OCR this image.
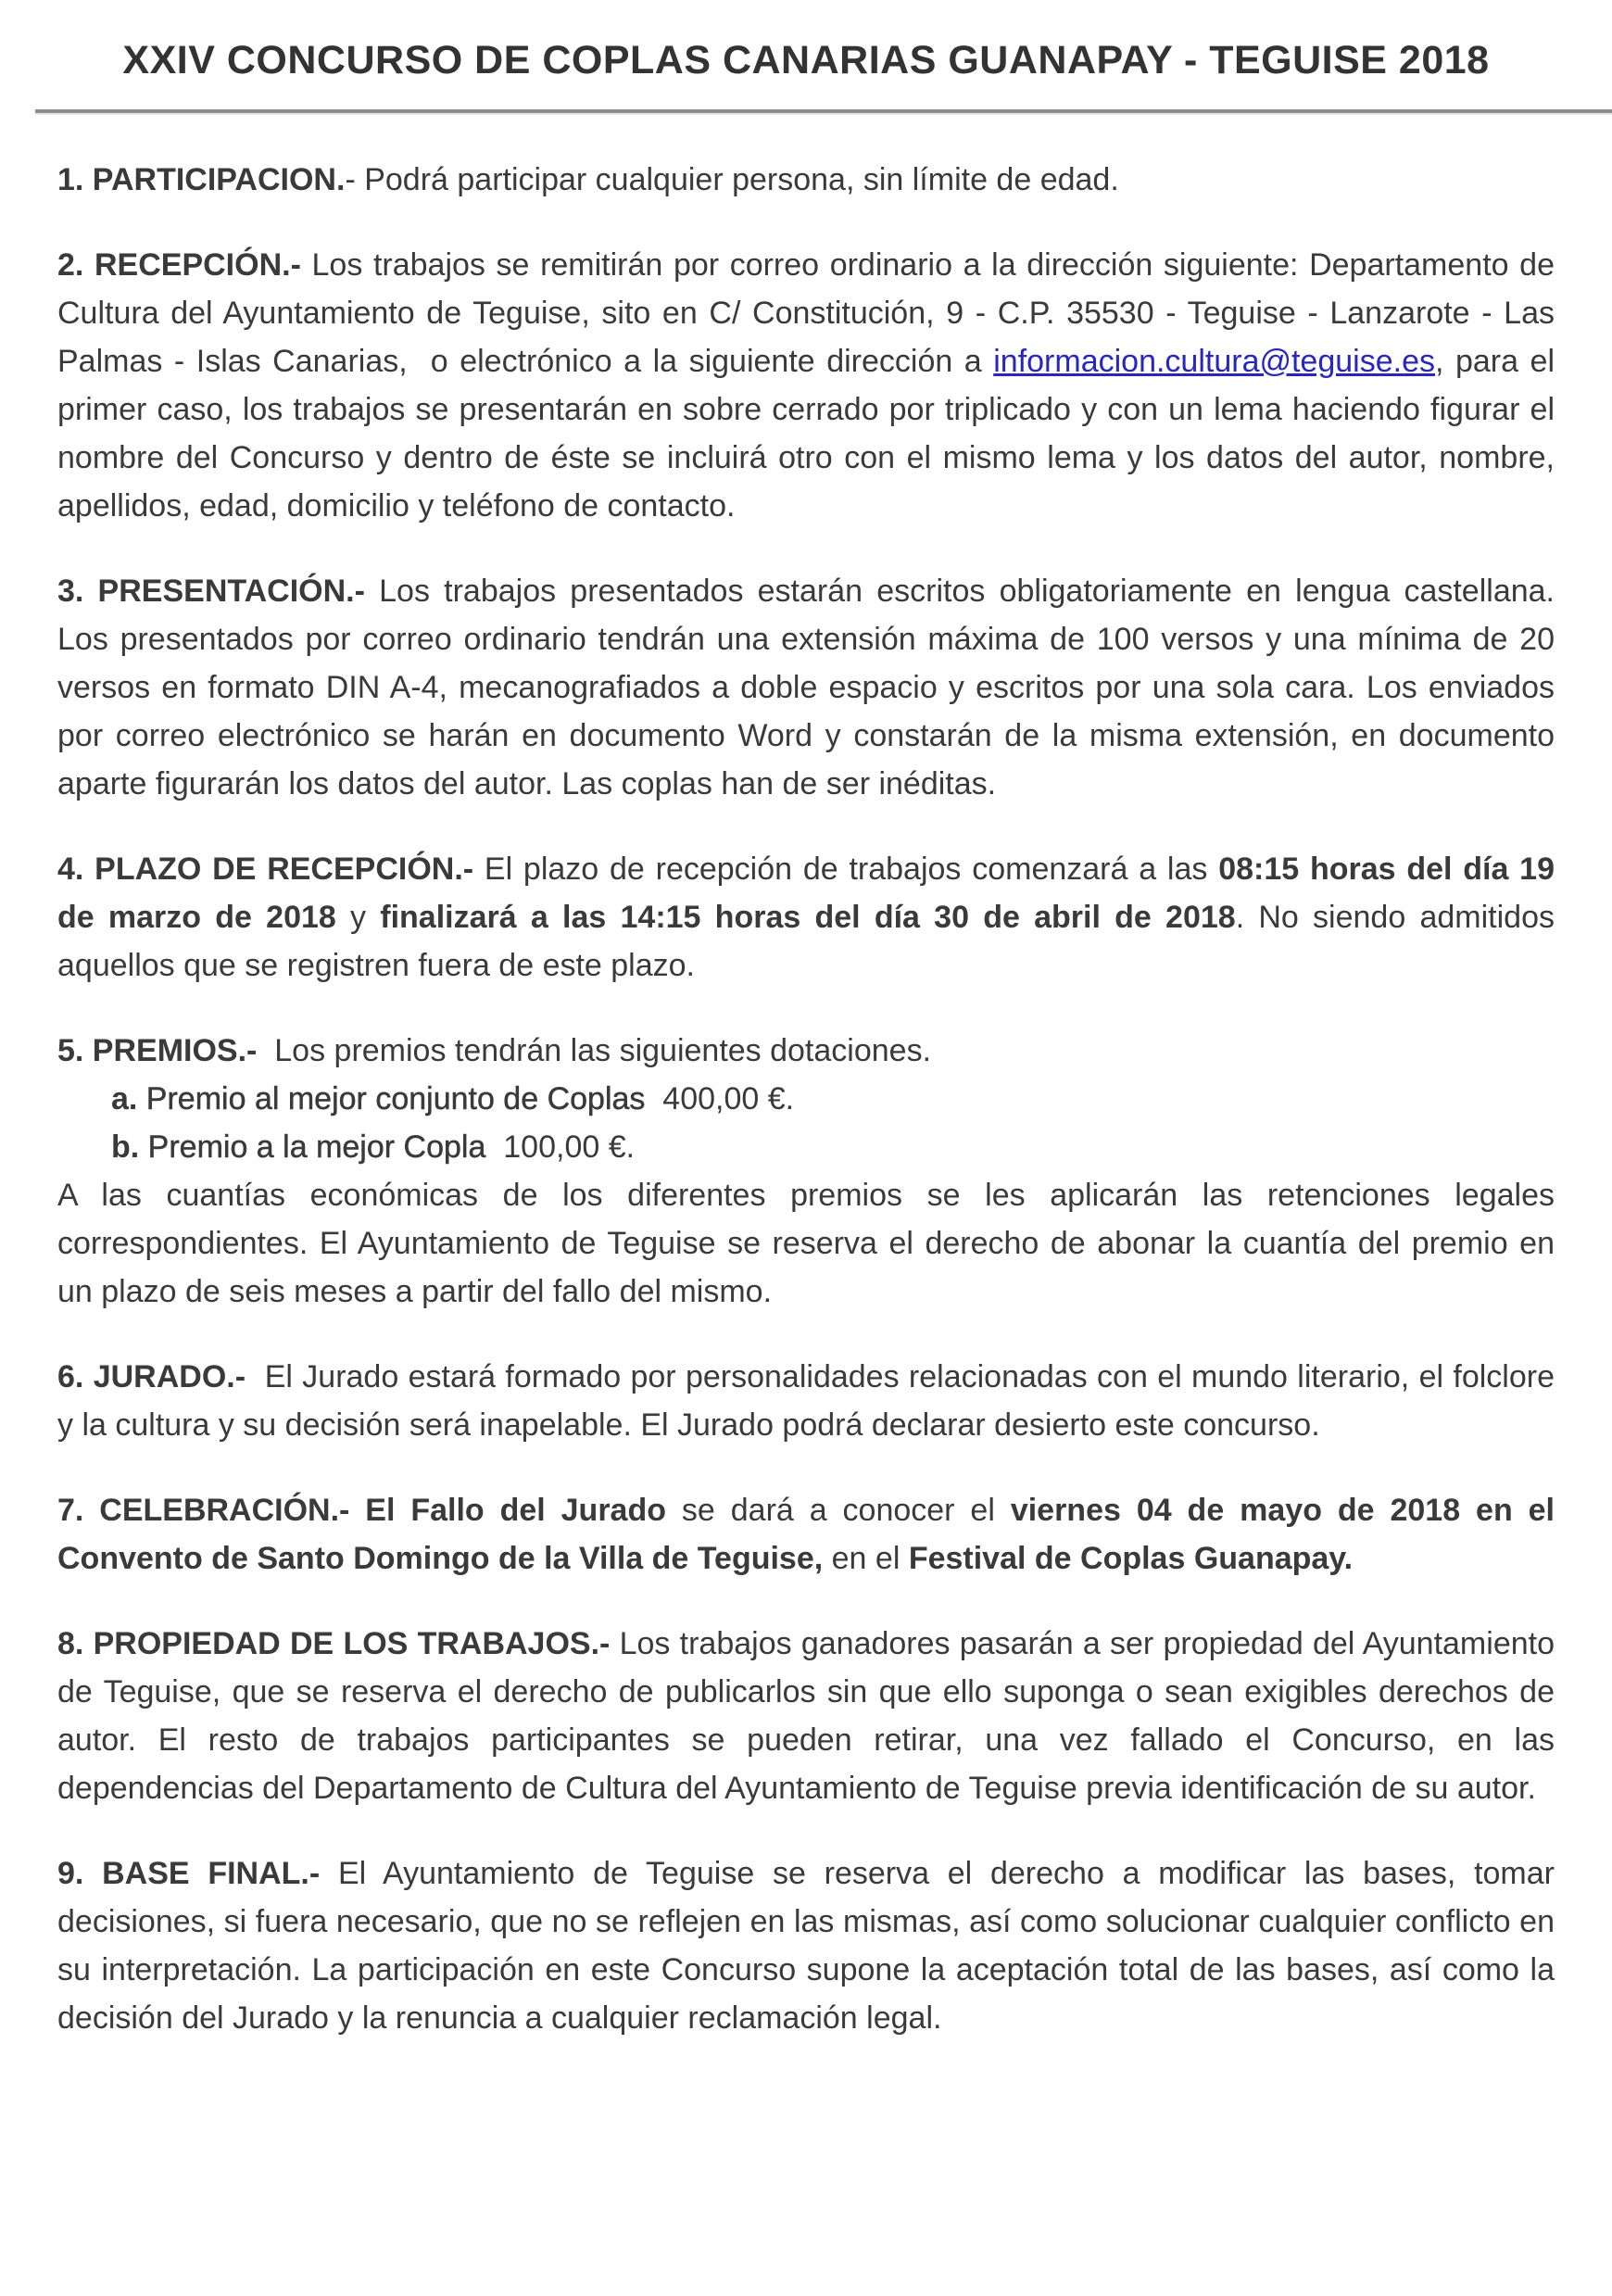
XXIV CONCURSO DE COPLAS CANARIAS GUANAPAY - TEGUISE 2018

1. PARTICIPACION.- Podrá participar cualquier persona, sin límite de edad.

2. RECEPCIÓN.- Los trabajos se remitirán por correo ordinario a la dirección siguiente: Departamento de Cultura del Ayuntamiento de Teguise, sito en C/ Constitución, 9 - C.P. 35530 - Teguise - Lanzarote - Las Palmas - Islas Canarias,  o electrónico a la siguiente dirección a informacion.cultura@teguise.es, para el primer caso, los trabajos se presentarán en sobre cerrado por triplicado y con un lema haciendo figurar el nombre del Concurso y dentro de éste se incluirá otro con el mismo lema y los datos del autor, nombre, apellidos, edad, domicilio y teléfono de contacto.

3. PRESENTACIÓN.- Los trabajos presentados estarán escritos obligatoriamente en lengua castellana. Los presentados por correo ordinario tendrán una extensión máxima de 100 versos y una mínima de 20 versos en formato DIN A-4, mecanografiados a doble espacio y escritos por una sola cara. Los enviados por correo electrónico se harán en documento Word y constarán de la misma extensión, en documento aparte figurarán los datos del autor. Las coplas han de ser inéditas.

4. PLAZO DE RECEPCIÓN.- El plazo de recepción de trabajos comenzará a las 08:15 horas del día 19 de marzo de 2018 y finalizará a las 14:15 horas del día 30 de abril de 2018. No siendo admitidos aquellos que se registren fuera de este plazo.

5. PREMIOS.-  Los premios tendrán las siguientes dotaciones.

a. Premio al mejor conjunto de Coplas  400,00 €.
b. Premio a la mejor Copla  100,00 €.

A las cuantías económicas de los diferentes premios se les aplicarán las retenciones legales correspondientes. El Ayuntamiento de Teguise se reserva el derecho de abonar la cuantía del premio en un plazo de seis meses a partir del fallo del mismo.

6. JURADO.-  El Jurado estará formado por personalidades relacionadas con el mundo literario, el folclore y la cultura y su decisión será inapelable. El Jurado podrá declarar desierto este concurso.

7. CELEBRACIÓN.- El Fallo del Jurado se dará a conocer el viernes 04 de mayo de 2018 en el Convento de Santo Domingo de la Villa de Teguise, en el Festival de Coplas Guanapay.

8. PROPIEDAD DE LOS TRABAJOS.- Los trabajos ganadores pasarán a ser propiedad del Ayuntamiento de Teguise, que se reserva el derecho de publicarlos sin que ello suponga o sean exigibles derechos de autor. El resto de trabajos participantes se pueden retirar, una vez fallado el Concurso, en las dependencias del Departamento de Cultura del Ayuntamiento de Teguise previa identificación de su autor.

9. BASE FINAL.- El Ayuntamiento de Teguise se reserva el derecho a modificar las bases, tomar decisiones, si fuera necesario, que no se reflejen en las mismas, así como solucionar cualquier conflicto en su interpretación. La participación en este Concurso supone la aceptación total de las bases, así como la decisión del Jurado y la renuncia a cualquier reclamación legal.
